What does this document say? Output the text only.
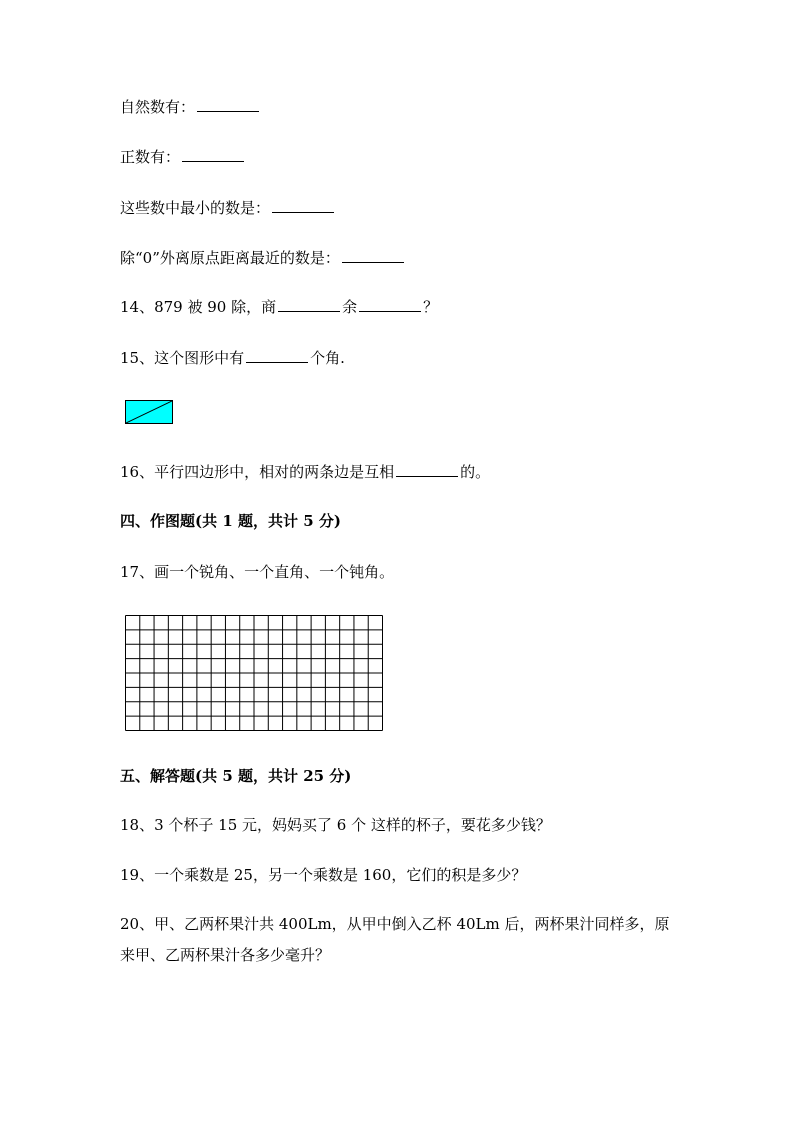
自然数有：
正数有：
这些数中最小的数是：
除“0”外离原点距离最近的数是：
14、879 被 90 除，商	余	？
15、这个图形中有	个角.
16、平行四边形中，相对的两条边是互相	的。
四、作图题(共 1 题，共计 5 分)
17、画一个锐角、一个直角、一个钝角。
五、解答题(共 5 题，共计 25 分)
18、3 个杯子 15 元，妈妈买了 6 个 这样的杯子，要花多少钱？
19、一个乘数是 25，另一个乘数是 160，它们的积是多少？
20、甲、乙两杯果汁共 400Lm，从甲中倒入乙杯 40Lm 后，两杯果汁同样多，原
来甲、乙两杯果汁各多少毫升？
